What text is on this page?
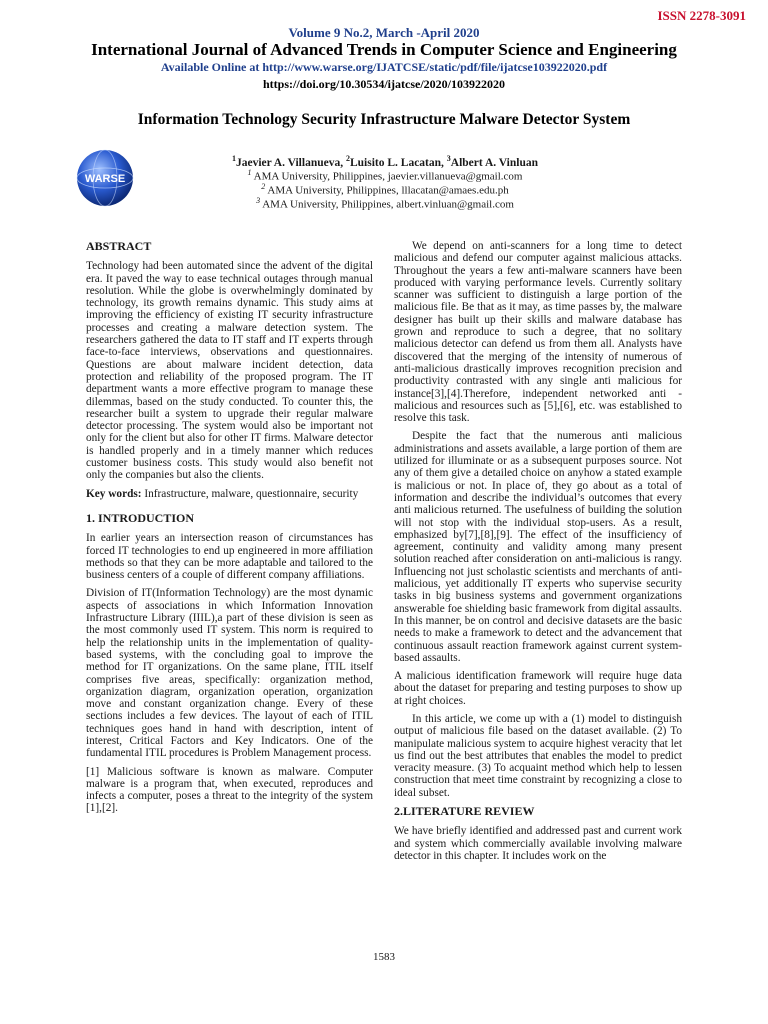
ISSN 2278-3091
Volume 9 No.2, March -April 2020
International Journal of Advanced Trends in Computer Science and Engineering
Available Online at http://www.warse.org/IJATCSE/static/pdf/file/ijatcse103922020.pdf
https://doi.org/10.30534/ijatcse/2020/103922020
WARSE
Information Technology Security Infrastructure Malware Detector System
$^1$Jaevier A. Villanueva, $^2$Luisito L. Lacatan, $^3$Albert A. Vinluan
$^1$ AMA University, Philippines, jaevier.villanueva@gmail.com
$^2$ AMA University, Philippines, lllacatan@amaes.edu.ph
$^3$ AMA University, Philippines, albert.vinluan@gmail.com

ABSTRACT

Technology had been automated since the advent of the digital era. It paved the way to ease technical outages through manual resolution. While the globe is overwhelmingly dominated by technology, its growth remains dynamic. This study aims at improving the efficiency of existing IT security infrastructure processes and creating a malware detection system. The researchers gathered the data to IT staff and IT experts through face-to-face interviews, observations and questionnaires. Questions are about malware incident detection, data protection and reliability of the proposed program. The IT department wants a more effective program to manage these dilemmas, based on the study conducted. To counter this, the researcher built a system to upgrade their regular malware detector processing. The system would also be important not only for the client but also for other IT firms. Malware detector is handled properly and in a timely manner which reduces customer business costs. This study would also benefit not only the companies but also the clients.

Key words: Infrastructure, malware, questionnaire, security

1. INTRODUCTION

In earlier years an intersection reason of circumstances has forced IT technologies to end up engineered in more affiliation methods so that they can be more adaptable and tailored to the business centers of a couple of different company affiliations.

Division of IT(Information Technology) are the most dynamic aspects of associations in which Information Innovation Infrastructure Library (IIIL),a part of these division is seen as the most commonly used IT system. This norm is required to help the relationship units in the implementation of quality-based systems, with the concluding goal to improve the method for IT organizations. On the same plane, ITIL itself comprises five areas, specifically: organization method, organization diagram, organization operation, organization move and constant organization change. Every of these sections includes a few devices. The layout of each of ITIL techniques goes hand in hand with description, intent of interest, Critical Factors and Key Indicators. One of the fundamental ITIL procedures is Problem Management process.

[1] Malicious software is known as malware. Computer malware is a program that, when executed, reproduces and infects a computer, poses a threat to the integrity of the system [1],[2].

We depend on anti-scanners for a long time to detect malicious and defend our computer against malicious attacks. Throughout the years a few anti-malware scanners have been produced with varying performance levels. Currently solitary scanner was sufficient to distinguish a large portion of the malicious file. Be that as it may, as time passes by, the malware designer has built up their skills and malware database has grown and reproduce to such a degree, that no solitary malicious detector can defend us from them all. Analysts have discovered that the merging of the intensity of numerous of anti-malicious drastically improves recognition precision and productivity contrasted with any single anti malicious for instance[3],[4].Therefore, independent networked anti - malicious and resources such as [5],[6], etc. was established to resolve this task.

Despite the fact that the numerous anti malicious administrations and assets available, a large portion of them are utilized for illuminate or as a subsequent purposes source. Not any of them give a detailed choice on anyhow a stated example is malicious or not. In place of, they go about as a total of information and describe the individual’s outcomes that every anti malicious returned. The usefulness of building the solution will not stop with the individual stop-users. As a result, emphasized by[7],[8],[9]. The effect of the insufficiency of agreement, continuity and validity among many present solution reached after consideration on anti-malicious is rangy. Influencing not just scholastic scientists and merchants of anti-malicious, yet additionally IT experts who supervise security tasks in big business systems and government organizations answerable foe shielding basic framework from digital assaults. In this manner, be on control and decisive datasets are the basic needs to make a framework to detect and the advancement that continuous assault reaction framework against current system-based assaults.

A malicious identification framework will require huge data about the dataset for preparing and testing purposes to show up at right choices.

In this article, we come up with a (1) model to distinguish output of malicious file based on the dataset available. (2) To manipulate malicious system to acquire highest veracity that let us find out the best attributes that enables the model to predict veracity measure. (3) To acquaint method which help to lessen construction that meet time constraint by recognizing a close to ideal subset.

2.LITERATURE REVIEW

We have briefly identified and addressed past and current work and system which commercially available involving malware detector in this chapter. It includes work on the

1583
